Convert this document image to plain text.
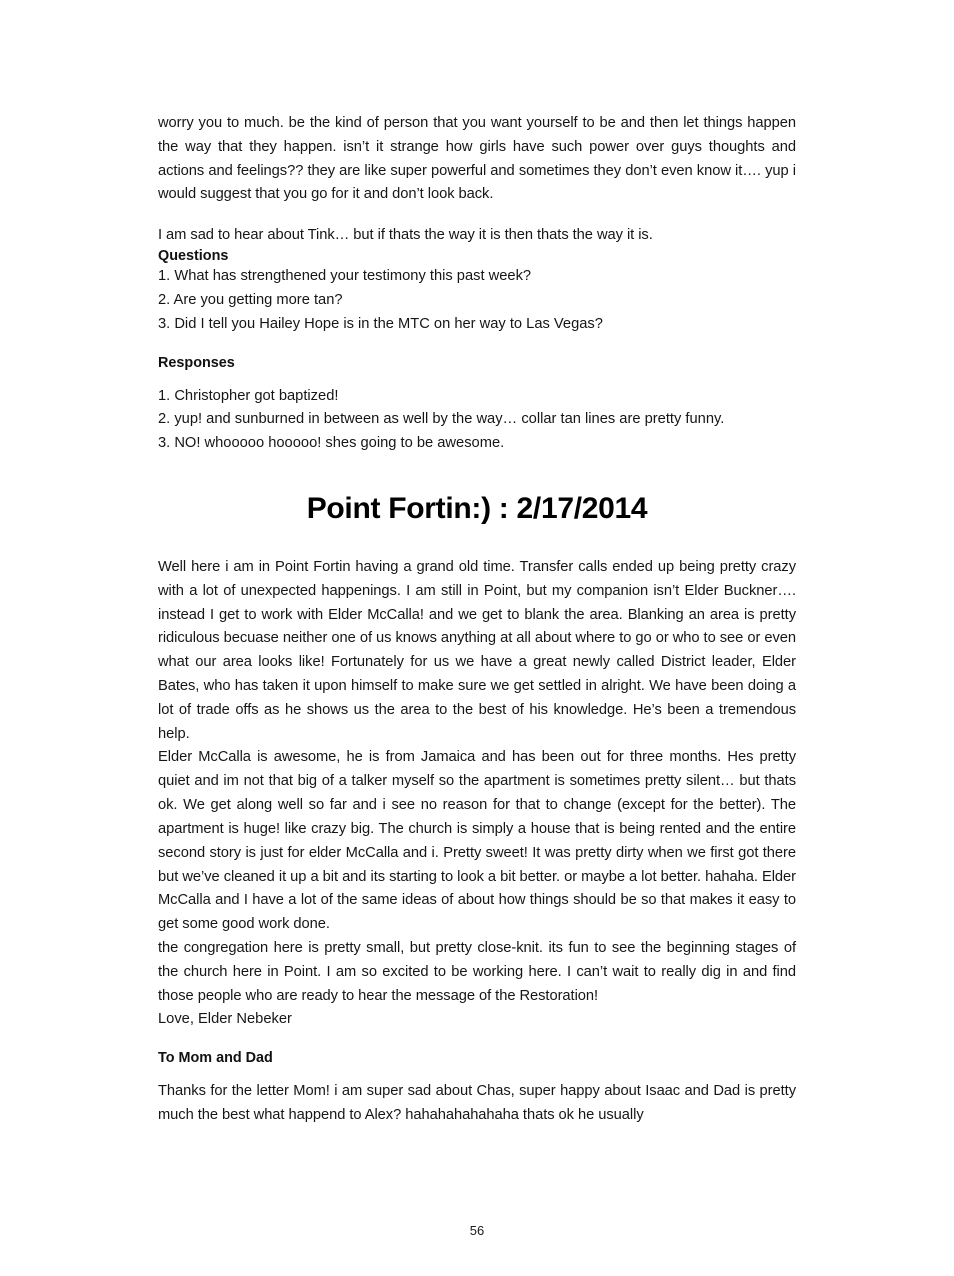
worry you to much. be the kind of person that you want yourself to be and then let things happen the way that they happen. isn’t it strange how girls have such power over guys thoughts and actions and feelings?? they are like super powerful and sometimes they don’t even know it…. yup i would suggest that you go for it and don’t look back.

I am sad to hear about Tink… but if thats the way it is then thats the way it is.

Questions
1. What has strengthened your testimony this past week?
2. Are you getting more tan?
3. Did I tell you Hailey Hope is in the MTC on her way to Las Vegas?
Responses
1. Christopher got baptized!
2. yup! and sunburned in between as well by the way… collar tan lines are pretty funny.
3. NO! whooooo hooooo! shes going to be awesome.
Point Fortin:) : 2/17/2014

Well here i am in Point Fortin having a grand old time. Transfer calls ended up being pretty crazy with a lot of unexpected happenings. I am still in Point, but my companion isn’t Elder Buckner…. instead I get to work with Elder McCalla! and we get to blank the area. Blanking an area is pretty ridiculous becuase neither one of us knows anything at all about where to go or who to see or even what our area looks like! Fortunately for us we have a great newly called District leader, Elder Bates, who has taken it upon himself to make sure we get settled in alright. We have been doing a lot of trade offs as he shows us the area to the best of his knowledge. He’s been a tremendous help.

Elder McCalla is awesome, he is from Jamaica and has been out for three months. Hes pretty quiet and im not that big of a talker myself so the apartment is sometimes pretty silent… but thats ok. We get along well so far and i see no reason for that to change (except for the better). The apartment is huge! like crazy big. The church is simply a house that is being rented and the entire second story is just for elder McCalla and i. Pretty sweet! It was pretty dirty when we first got there but we’ve cleaned it up a bit and its starting to look a bit better. or maybe a lot better. hahaha. Elder McCalla and I have a lot of the same ideas of about how things should be so that makes it easy to get some good work done.

the congregation here is pretty small, but pretty close-knit. its fun to see the beginning stages of the church here in Point. I am so excited to be working here. I can’t wait to really dig in and find those people who are ready to hear the message of the Restoration!

Love, Elder Nebeker
To Mom and Dad

Thanks for the letter Mom! i am super sad about Chas, super happy about Isaac and Dad is pretty much the best what happend to Alex? hahahahahahaha thats ok he usually

56
